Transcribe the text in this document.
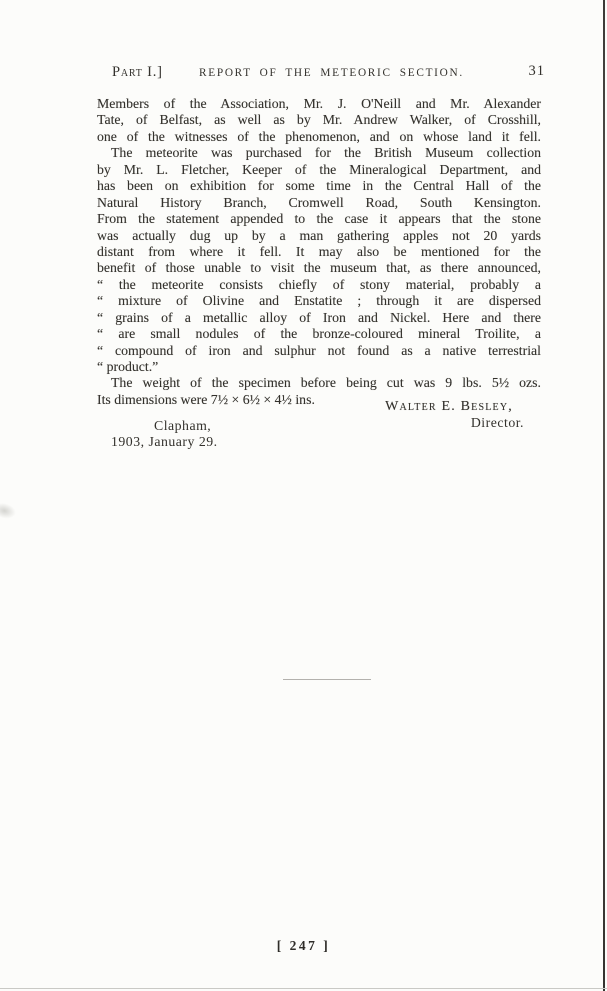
Part I.]	REPORT OF THE METEORIC SECTION.	31
Members of the Association, Mr. J. O'Neill and Mr. Alexander
Tate, of Belfast, as well as by Mr. Andrew Walker, of Crosshill,
one of the witnesses of the phenomenon, and on whose land it fell.
The meteorite was purchased for the British Museum collection
by Mr. L. Fletcher, Keeper of the Mineralogical Department, and
has been on exhibition for some time in the Central Hall of the
Natural History Branch, Cromwell Road, South Kensington.
From the statement appended to the case it appears that the stone
was actually dug up by a man gathering apples not 20 yards
distant from where it fell. It may also be mentioned for the
benefit of those unable to visit the museum that, as there announced,
“ the meteorite consists chiefly of stony material, probably a
“ mixture of Olivine and Enstatite ; through it are dispersed
“ grains of a metallic alloy of Iron and Nickel. Here and there
“ are small nodules of the bronze-coloured mineral Troilite, a
“ compound of iron and sulphur not found as a native terrestrial
“ product.”
The weight of the specimen before being cut was 9 lbs. 5½ ozs.
Its dimensions were 7½ × 6½ × 4½ ins.	Walter E. Besley,
Director.
Clapham,
1903, January 29.
[ 247 ]
